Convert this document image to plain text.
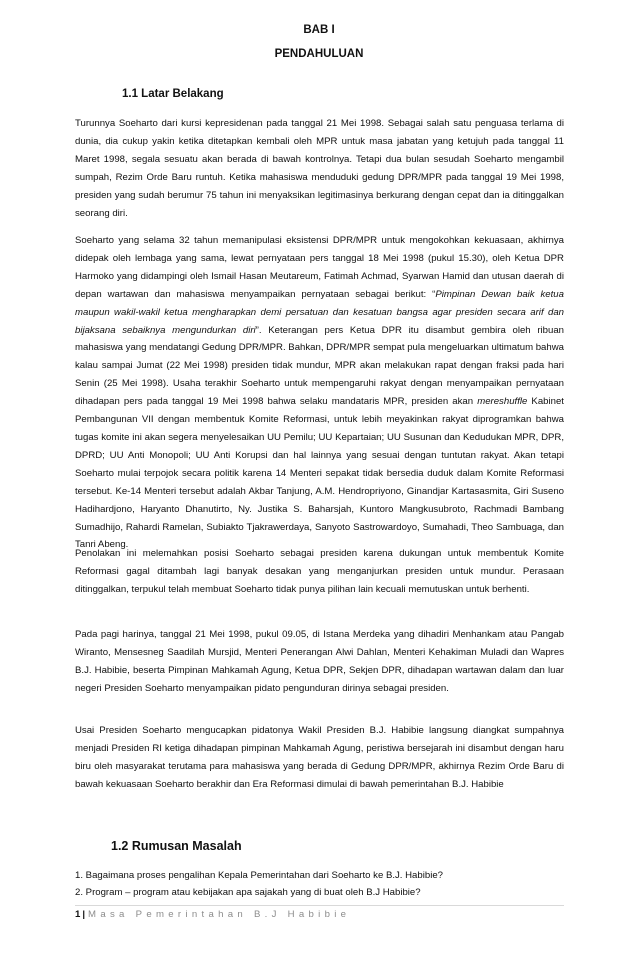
BAB I
PENDAHULUAN
1.1 Latar Belakang

Turunnya Soeharto dari kursi kepresidenan pada tanggal 21 Mei 1998. Sebagai salah satu penguasa terlama di dunia, dia cukup yakin ketika ditetapkan kembali oleh MPR untuk masa jabatan yang ketujuh pada tanggal 11 Maret 1998, segala sesuatu akan berada di bawah kontrolnya. Tetapi dua bulan sesudah Soeharto mengambil sumpah, Rezim Orde Baru runtuh. Ketika mahasiswa menduduki gedung DPR/MPR pada tanggal 19 Mei 1998, presiden yang sudah berumur 75 tahun ini menyaksikan legitimasinya berkurang dengan cepat dan ia ditinggalkan seorang diri.

Soeharto yang selama 32 tahun memanipulasi eksistensi DPR/MPR untuk mengokohkan kekuasaan, akhirnya didepak oleh lembaga yang sama, lewat pernyataan pers tanggal 18 Mei 1998 (pukul 15.30), oleh Ketua DPR Harmoko yang didampingi oleh Ismail Hasan Meutareum, Fatimah Achmad, Syarwan Hamid dan utusan daerah di depan wartawan dan mahasiswa menyampaikan pernyataan sebagai berikut: “Pimpinan Dewan baik ketua maupun wakil-wakil ketua mengharapkan demi persatuan dan kesatuan bangsa agar presiden secara arif dan bijaksana sebaiknya mengundurkan diri”. Keterangan pers Ketua DPR itu disambut gembira oleh ribuan mahasiswa yang mendatangi Gedung DPR/MPR. Bahkan, DPR/MPR sempat pula mengeluarkan ultimatum bahwa kalau sampai Jumat (22 Mei 1998) presiden tidak mundur, MPR akan melakukan rapat dengan fraksi pada hari Senin (25 Mei 1998). Usaha terakhir Soeharto untuk mempengaruhi rakyat dengan menyampaikan pernyataan dihadapan pers pada tanggal 19 Mei 1998 bahwa selaku mandataris MPR, presiden akan mereshuffle Kabinet Pembangunan VII dengan membentuk Komite Reformasi, untuk lebih meyakinkan rakyat diprogramkan bahwa tugas komite ini akan segera menyelesaikan UU Pemilu; UU Kepartaian; UU Susunan dan Kedudukan MPR, DPR, DPRD; UU Anti Monopoli; UU Anti Korupsi dan hal lainnya yang sesuai dengan tuntutan rakyat. Akan tetapi Soeharto mulai terpojok secara politik karena 14 Menteri sepakat tidak bersedia duduk dalam Komite Reformasi tersebut. Ke-14 Menteri tersebut adalah Akbar Tanjung, A.M. Hendropriyono, Ginandjar Kartasasmita, Giri Suseno Hadihardjono, Haryanto Dhanutirto, Ny. Justika S. Baharsjah, Kuntoro Mangkusubroto, Rachmadi Bambang Sumadhijo, Rahardi Ramelan, Subiakto Tjakrawerdaya, Sanyoto Sastrowardoyo, Sumahadi, Theo Sambuaga, dan Tanri Abeng.

Penolakan ini melemahkan posisi Soeharto sebagai presiden karena dukungan untuk membentuk Komite Reformasi gagal ditambah lagi banyak desakan yang menganjurkan presiden untuk mundur. Perasaan ditinggalkan, terpukul telah membuat Soeharto tidak punya pilihan lain kecuali memutuskan untuk berhenti.

Pada pagi harinya, tanggal 21 Mei 1998, pukul 09.05, di Istana Merdeka yang dihadiri Menhankam atau Pangab Wiranto, Mensesneg Saadilah Mursjid, Menteri Penerangan Alwi Dahlan, Menteri Kehakiman Muladi dan Wapres B.J. Habibie, beserta Pimpinan Mahkamah Agung, Ketua DPR, Sekjen DPR, dihadapan wartawan dalam dan luar negeri Presiden Soeharto menyampaikan pidato pengunduran dirinya sebagai presiden.

Usai Presiden Soeharto mengucapkan pidatonya Wakil Presiden B.J. Habibie langsung diangkat sumpahnya menjadi Presiden RI ketiga dihadapan pimpinan Mahkamah Agung, peristiwa bersejarah ini disambut dengan haru biru oleh masyarakat terutama para mahasiswa yang berada di Gedung DPR/MPR, akhirnya Rezim Orde Baru di bawah kekuasaan Soeharto berakhir dan Era Reformasi dimulai di bawah pemerintahan B.J. Habibie

1.2 Rumusan Masalah
1. Bagaimana proses pengalihan Kepala Pemerintahan dari Soeharto ke B.J. Habibie?
2. Program – program atau kebijakan apa sajakah yang di buat oleh B.J Habibie?
1 | Masa Pemerintahan B.J Habibie
